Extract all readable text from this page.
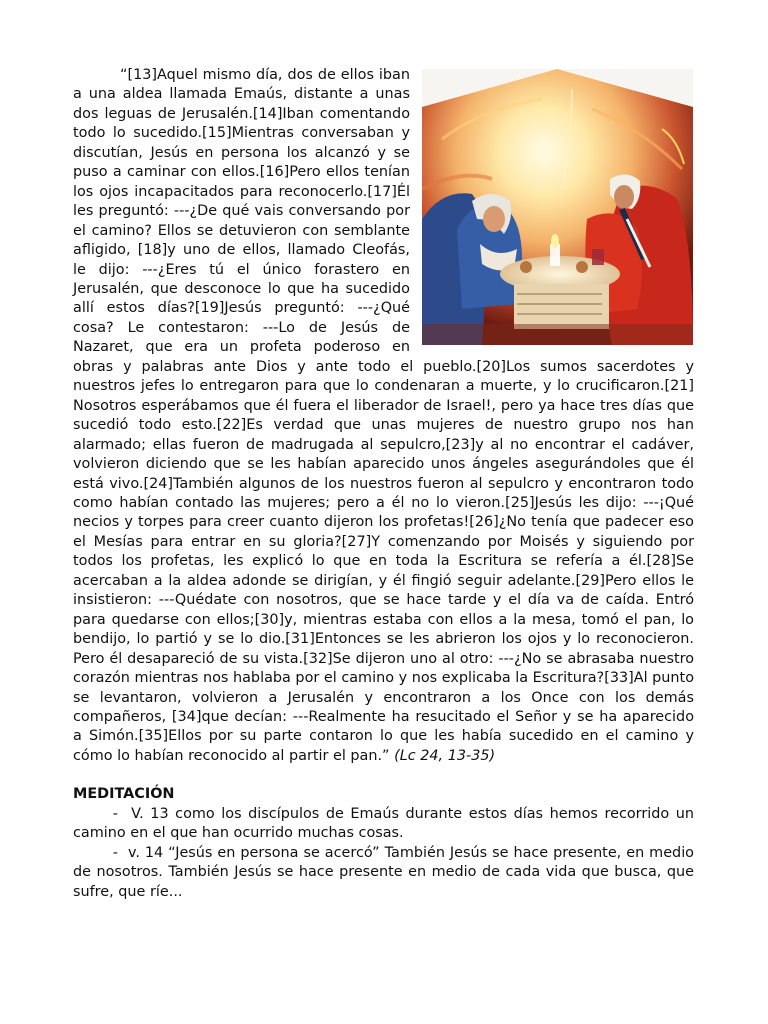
“[13]Aquel mismo día, dos de ellos iban a una aldea llamada Emaús, distante a unas dos leguas de Jerusalén.[14]Iban comentando todo lo sucedido.[15]Mientras conversaban y discutían, Jesús en persona los alcanzó y se puso a caminar con ellos.[16]Pero ellos tenían los ojos incapacitados para reconocerlo.[17]Él les preguntó: ---¿De qué vais conversando por el camino? Ellos se detuvieron con semblante afligido, [18]y uno de ellos, llamado Cleofás, le dijo: ---¿Eres tú el único forastero en Jerusalén, que desconoce lo que ha sucedido allí estos días?[19]Jesús preguntó: ---¿Qué cosa? Le contestaron: ---Lo de Jesús de Nazaret, que era un profeta poderoso en obras y palabras ante Dios y ante todo el pueblo.[20]Los sumos sacerdotes y nuestros jefes lo entregaron para que lo condenaran a muerte, y lo crucificaron.[21] Nosotros esperábamos que él fuera el liberador de Israel!, pero ya hace tres días que sucedió todo esto.[22]Es verdad que unas mujeres de nuestro grupo nos han alarmado; ellas fueron de madrugada al sepulcro,[23]y al no encontrar el cadáver, volvieron diciendo que se les habían aparecido unos ángeles asegurándoles que él está vivo.[24]También algunos de los nuestros fueron al sepulcro y encontraron todo como habían contado las mujeres; pero a él no lo vieron.[25]Jesús les dijo: ---¡Qué necios y torpes para creer cuanto dijeron los profetas![26]¿No tenía que padecer eso el Mesías para entrar en su gloria?[27]Y comenzando por Moisés y siguiendo por todos los profetas, les explicó lo que en toda la Escritura se refería a él.[28]Se acercaban a la aldea adonde se dirigían, y él fingió seguir adelante.[29]Pero ellos le insistieron: ---Quédate con nosotros, que se hace tarde y el día va de caída. Entró para quedarse con ellos;[30]y, mientras estaba con ellos a la mesa, tomó el pan, lo bendijo, lo partió y se lo dio.[31]Entonces se les abrieron los ojos y lo reconocieron. Pero él desapareció de su vista.[32]Se dijeron uno al otro: ---¿No se abrasaba nuestro corazón mientras nos hablaba por el camino y nos explicaba la Escritura?[33]Al punto se levantaron, volvieron a Jerusalén y encontraron a los Once con los demás compañeros, [34]que decían: ---Realmente ha resucitado el Señor y se ha aparecido a Simón.[35]Ellos por su parte contaron lo que les había sucedido en el camino y cómo lo habían reconocido al partir el pan.” (Lc 24, 13-35)

MEDITACIÓN

- V. 13 como los discípulos de Emaús durante estos días hemos recorrido un camino en el que han ocurrido muchas cosas.

- v. 14 “Jesús en persona se acercó” También Jesús se hace presente, en medio de nosotros. También Jesús se hace presente en medio de cada vida que busca, que sufre, que ríe...
